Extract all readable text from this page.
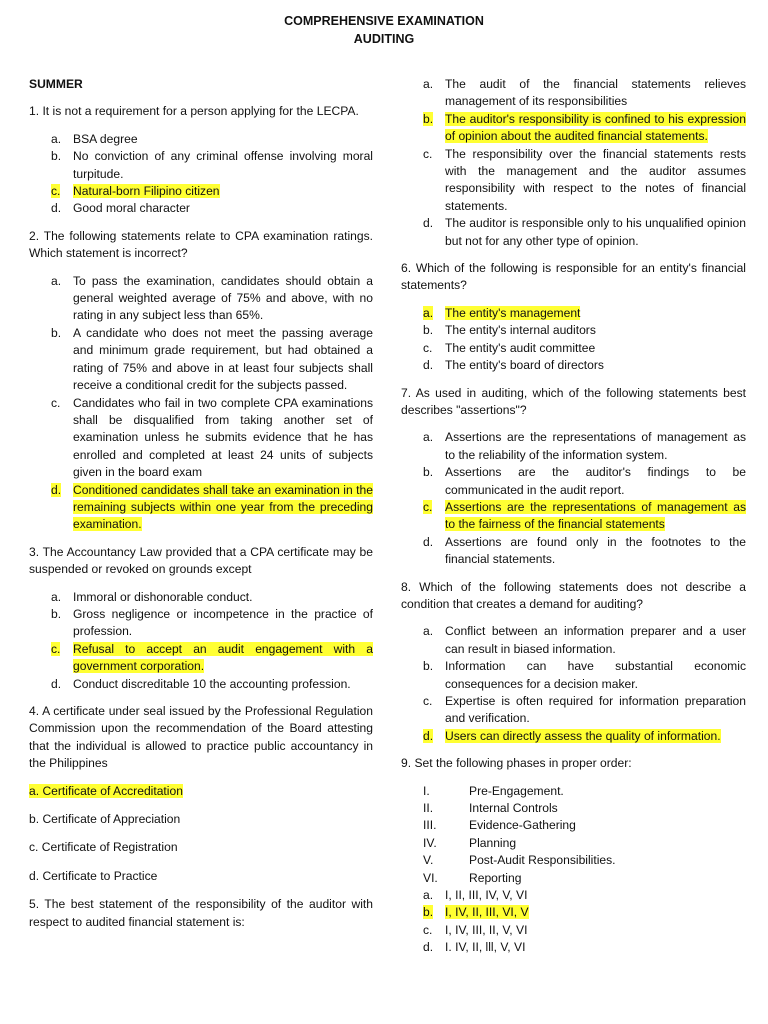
COMPREHENSIVE EXAMINATION
AUDITING
SUMMER
1. It is not a requirement for a person applying for the LECPA.
a. BSA degree
b. No conviction of any criminal offense involving moral turpitude.
c.	Natural-born Filipino citizen
d. Good moral character
2. The following statements relate to CPA examination ratings. Which statement is incorrect?
a. To pass the examination, candidates should obtain a general weighted average of 75% and above, with no rating in any subject less than 65%.
b. A candidate who does not meet the passing average and minimum grade requirement, but had obtained a rating of 75% and above in at least four subjects shall receive a conditional credit for the subjects passed.
c.	Candidates who fail in two complete CPA examinations shall be disqualified from taking another set of examination unless he submits evidence that he has enrolled and completed at least 24 units of subjects given in the board exam
d. Conditioned candidates shall take an examination in the remaining subjects within one year from the preceding examination.
3. The Accountancy Law provided that a CPA certificate may be suspended or revoked on grounds except
a. Immoral or dishonorable conduct.
b. Gross negligence or incompetence in the practice of profession.
c.	Refusal to accept an audit engagement with a government corporation.
d. Conduct discreditable 10 the accounting profession.
4. A certificate under seal issued by the Professional Regulation Commission upon the recommendation of the Board attesting that the individual is allowed to practice public accountancy in the Philippines
a. Certificate of Accreditation
b. Certificate of Appreciation
c. Certificate of Registration
d. Certificate to Practice
5. The best statement of the responsibility of the auditor with respect to audited financial statement is:
a. The audit of the financial statements relieves management of its responsibilities
b. The auditor's responsibility is confined to his expression of opinion about the audited financial statements.
c.	The responsibility over the financial statements rests with the management and the auditor assumes responsibility with respect to the notes of financial statements.
d. The auditor is responsible only to his unqualified opinion but not for any other type of opinion.
6. Which of the following is responsible for an entity's financial statements?
a. The entity's management
b. The entity's internal auditors
c.	The entity's audit committee
d. The entity's board of directors
7. As used in auditing, which of the following statements best describes "assertions"?
a. Assertions are the representations of management as to the reliability of the information system.
b. Assertions are the auditor's findings to be communicated in the audit report.
c.	Assertions are the representations of management as to the fairness of the financial statements
d. Assertions are found only in the footnotes to the financial statements.
8. Which of the following statements does not describe a condition that creates a demand for auditing?
a. Conflict between an information preparer and a user can result in biased information.
b. Information can have substantial economic consequences for a decision maker.
c.	Expertise is often required for information preparation and verification.
d. Users can directly assess the quality of information.
9. Set the following phases in proper order:
I.	Pre-Engagement.
II.	Internal Controls
III.	Evidence-Gathering
IV.	Planning
V.	Post-Audit Responsibilities.
VI.	Reporting
a. I, II, III, IV, V, VI
b. I, IV, II, III, VI, V
c.	I, IV, III, II, V, VI
d. I. IV, II, lll, V, VI
